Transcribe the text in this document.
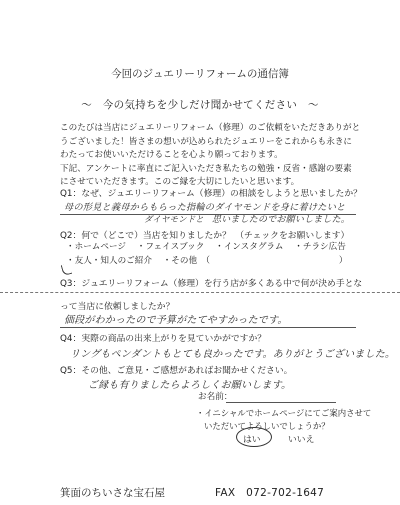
今回のジュエリーリフォームの通信簿
～　今の気持ちを少しだけ聞かせてください　～
このたびは当店にジュエリーリフォーム（修理）のご依頼をいただきありがと
うございました！皆さまの想いが込められたジュエリーをこれからも永きに
わたってお使いいただけることを心より願っております。
下記、アンケートに率直にご記入いただき私たちの勉強・反省・感謝の要素
にさせていただきます。このご縁を大切にしたいと思います。
Q1：なぜ、ジュエリーリフォーム（修理）の相談をしようと思いましたか？
母の形見と義母からもらった指輪のダイヤモンドを身に着けたいと
ダイヤモンドと 思いましたのでお願いしました。
Q2：何で（どこで）当店を知りましたか？　（チェックをお願いします）
・ホームページ ・フェイスブック ・インスタグラム ・チラシ広告
・友人・知人のご紹介 ・その他　（　　　　　　　　　　　　　　　）
Q3：ジュエリーリフォーム（修理）を行う店が多くある中で何が決め手とな
って当店に依頼しましたか？
価段がわかったので予算がたてやすかったです。
Q4：実際の商品の出来上がりを見ていかがですか？
リングもペンダントもとても良かったです。ありがとうございました。
Q5：その他、ご意見・ご感想があればお聞かせください。
ご縁も有りましたらよろしくお願いします。
お名前：
・イニシャルでホームページにてご案内させて
いただいてよろしいでしょうか？
はい	いいえ
箕面のちいさな宝石屋	FAX　072-702-1647
